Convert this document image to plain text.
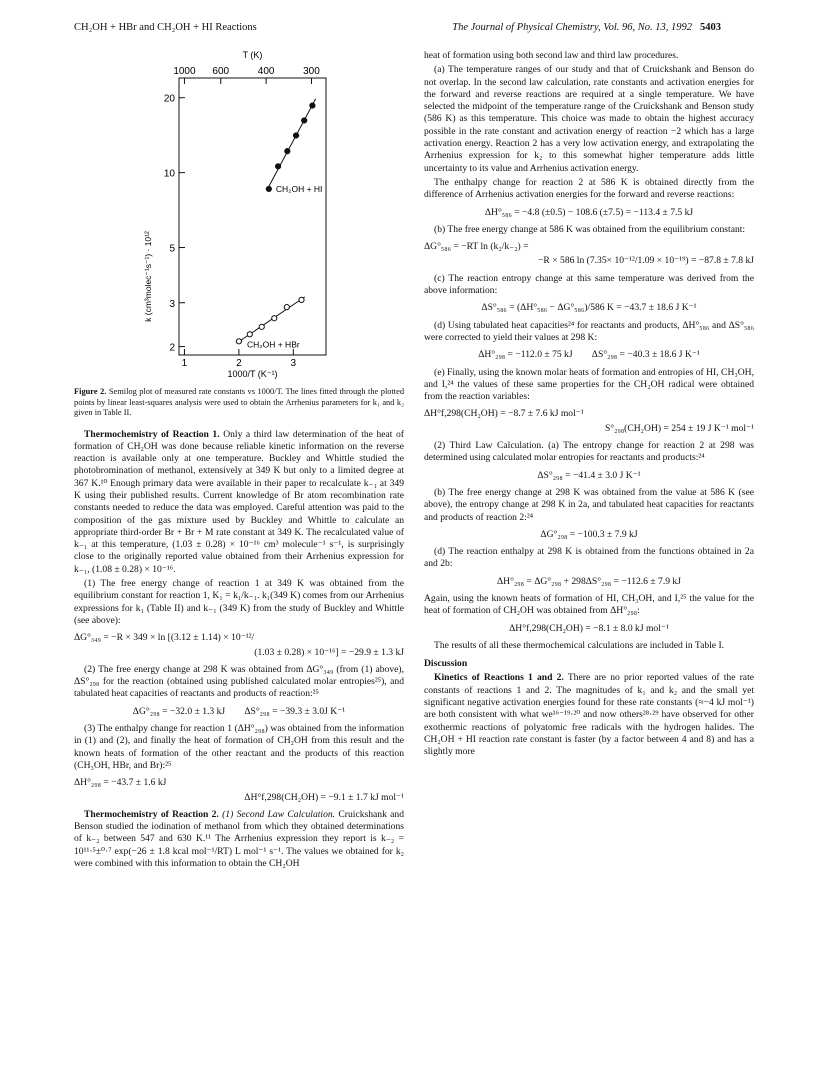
CH₂OH + HBr and CH₂OH + HI Reactions	The Journal of Physical Chemistry, Vol. 96, No. 13, 1992 5403
T (K)
1000 600	400	300
1	2	3
1000/T (K⁻¹)
2
3
5
10
20
k (cm³molec⁻¹s⁻¹) · 10¹²
CH₂OH + HI
CH₂OH + HBr
Figure 2. Semilog plot of measured rate constants vs 1000/T. The lines fitted through the plotted points by linear least-squares analysis were used to obtain the Arrhenius parameters for k₁ and k₂ given in Table II.

Thermochemistry of Reaction 1. Only a third law determination of the heat of formation of CH₂OH was done because reliable kinetic information on the reverse reaction is available only at one temperature. Buckley and Whittle studied the photobromination of methanol, extensively at 349 K but only to a limited degree at 367 K.¹⁰ Enough primary data were available in their paper to recalculate k₋₁ at 349 K using their published results. Current knowledge of Br atom recombination rate constants needed to reduce the data was employed. Careful attention was paid to the composition of the gas mixture used by Buckley and Whittle to calculate an appropriate third-order Br + Br + M rate constant at 349 K. The recalculated value of k₋₁ at this temperature, (1.03 ± 0.28) × 10⁻¹⁶ cm³ molecule⁻¹ s⁻¹, is surprisingly close to the originally reported value obtained from their Arrhenius expression for k₋₁, (1.08 ± 0.28) × 10⁻¹⁶.

(1) The free energy change of reaction 1 at 349 K was obtained from the equilibrium constant for reaction 1, K₁ = k₁/k₋₁. k₁(349 K) comes from our Arrhenius expressions for k₁ (Table II) and k₋₁ (349 K) from the study of Buckley and Whittle (see above):

ΔG°₃₄₉ = −R × 349 × ln [(3.12 ± 1.14) × 10⁻¹²/
(1.03 ± 0.28) × 10⁻¹⁶] = −29.9 ± 1.3 kJ

(2) The free energy change at 298 K was obtained from ΔG°₃₄₉ (from (1) above), ΔS°₂₉₈ for the reaction (obtained using published calculated molar entropies²⁵), and tabulated heat capacities of reactants and products of reaction:²⁵

ΔG°₂₉₈ = −32.0 ± 1.3 kJ        ΔS°₂₉₈ = −39.3 ± 3.0J K⁻¹

(3) The enthalpy change for reaction 1 (ΔH°₂₉₈) was obtained from the information in (1) and (2), and finally the heat of formation of CH₂OH from this result and the known heats of formation of the other reactant and the products of this reaction (CH₃OH, HBr, and Br):²⁵

ΔH°₂₉₈ = −43.7 ± 1.6 kJ
ΔH°f,298(CH₂OH) = −9.1 ± 1.7 kJ mol⁻¹

Thermochemistry of Reaction 2. (1) Second Law Calculation. Cruickshank and Benson studied the iodination of methanol from which they obtained determinations of k₋₂ between 547 and 630 K.¹¹ The Arrhenius expression they report is k₋₂ = 10¹¹·⁵±⁰·⁷ exp(−26 ± 1.8 kcal mol⁻¹/RT) L mol⁻¹ s⁻¹. The values we obtained for k₂ were combined with this information to obtain the CH₂OH

heat of formation using both second law and third law procedures.

(a) The temperature ranges of our study and that of Cruickshank and Benson do not overlap. In the second law calculation, rate constants and activation energies for the forward and reverse reactions are required at a single temperature. We have selected the midpoint of the temperature range of the Cruickshank and Benson study (586 K) as this temperature. This choice was made to obtain the highest accuracy possible in the rate constant and activation energy of reaction −2 which has a large activation energy. Reaction 2 has a very low activation energy, and extrapolating the Arrhenius expression for k₂ to this somewhat higher temperature adds little uncertainty to its value and Arrhenius activation energy.

The enthalpy change for reaction 2 at 586 K is obtained directly from the difference of Arrhenius activation energies for the forward and reverse reactions:

ΔH°₅₈₆ = −4.8 (±0.5) − 108.6 (±7.5) = −113.4 ± 7.5 kJ

(b) The free energy change at 586 K was obtained from the equilibrium constant:

ΔG°₅₈₆ = −RT ln (k₂/k₋₂) =
−R × 586 ln (7.35× 10⁻¹²/1.09 × 10⁻¹⁹) = −87.8 ± 7.8 kJ

(c) The reaction entropy change at this same temperature was derived from the above information:

ΔS°₅₈₆ = (ΔH°₅₈₆ − ΔG°₅₈₆)/586 K = −43.7 ± 18.6 J K⁻¹

(d) Using tabulated heat capacities²⁴ for reactants and products, ΔH°₅₈₆ and ΔS°₅₈₆ were corrected to yield their values at 298 K:

ΔH°₂₉₈ = −112.0 ± 75 kJ        ΔS°₂₉₈ = −40.3 ± 18.6 J K⁻¹

(e) Finally, using the known molar heats of formation and entropies of HI, CH₃OH, and I,²⁴ the values of these same properties for the CH₂OH radical were obtained from the reaction variables:

ΔH°f,298(CH₂OH) = −8.7 ± 7.6 kJ mol⁻¹
S°₂₉₈(CH₂OH) = 254 ± 19 J K⁻¹ mol⁻¹

(2) Third Law Calculation. (a) The entropy change for reaction 2 at 298 was determined using calculated molar entropies for reactants and products:²⁴

ΔS°₂₉₈ = −41.4 ± 3.0 J K⁻¹

(b) The free energy change at 298 K was obtained from the value at 586 K (see above), the entropy change at 298 K in 2a, and tabulated heat capacities for reactants and products of reaction 2:²⁴

ΔG°₂₉₈ = −100.3 ± 7.9 kJ

(d) The reaction enthalpy at 298 K is obtained from the functions obtained in 2a and 2b:

ΔH°₂₉₈ = ΔG°₂₉₈ + 298ΔS°₂₉₈ = −112.6 ± 7.9 kJ

Again, using the known heats of formation of HI, CH₃OH, and I,²⁵ the value for the heat of formation of CH₂OH was obtained from ΔH°₂₉₈:

ΔH°f,298(CH₂OH) = −8.1 ± 8.0 kJ mol⁻¹

The results of all these thermochemical calculations are included in Table I.

Discussion

Kinetics of Reactions 1 and 2. There are no prior reported values of the rate constants of reactions 1 and 2. The magnitudes of k₁ and k₂ and the small yet significant negative activation energies found for these rate constants (≈−4 kJ mol⁻¹) are both consistent with what we¹⁶⁻¹⁹·²⁰ and now others²⁸·²⁹ have observed for other exothermic reactions of polyatomic free radicals with the hydrogen halides. The CH₂OH + HI reaction rate constant is faster (by a factor between 4 and 8) and has a slightly more
